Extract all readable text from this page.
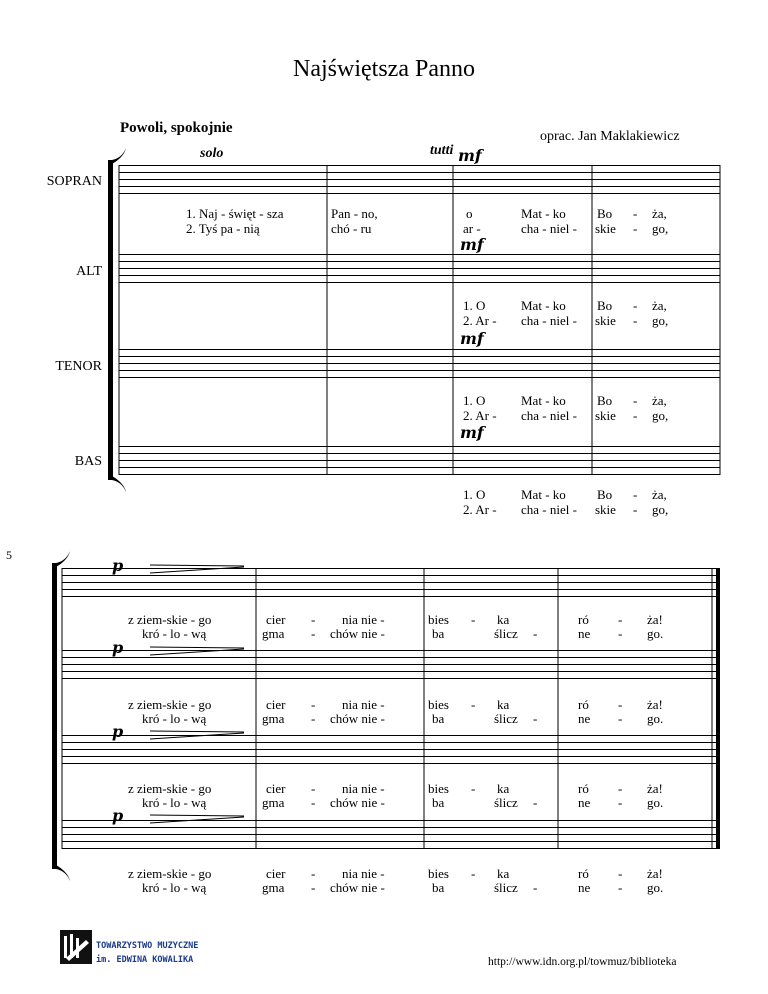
Najświętsza Panno
Powoli, spokojnie
oprac. Jan Maklakiewicz
solo	tutti mf
mf
mf
mf
SOPRAN
ALT
TENOR
BAS
5
p
p
p
p
1. Naj - święt - sza	Pan - no,	o	Mat - ko Bo - ża,
2. Tyś pa - nią	chó - ru	ar -	cha - niel - skie - go,
1. O	Mat - ko Bo - ża,
2. Ar - cha - niel - skie - go,
1. O	Mat - ko Bo - ża,
2. Ar - cha - niel - skie - go,
1. O	Mat - ko Bo - ża,
2. Ar - cha - niel - skie - go,
z ziem-skie - go	cier - nia nie -	bies - ka	ró - ża!
kró - lo - wą	gma - chów nie -	ba	ślicz -	ne - go.
z ziem-skie - go	cier - nia nie -	bies - ka	ró - ża!
kró - lo - wą	gma - chów nie -	ba	ślicz -	ne - go.
z ziem-skie - go	cier - nia nie -	bies - ka	ró - ża!
kró - lo - wą	gma - chów nie -	ba	ślicz -	ne - go.
z ziem-skie - go	cier - nia nie -	bies - ka	ró - ża!
kró - lo - wą	gma - chów nie -	ba	ślicz -	ne - go.
TOWARZYSTWO MUZYCZNE
im. EDWINA KOWALIKA	http://www.idn.org.pl/towmuz/biblioteka
